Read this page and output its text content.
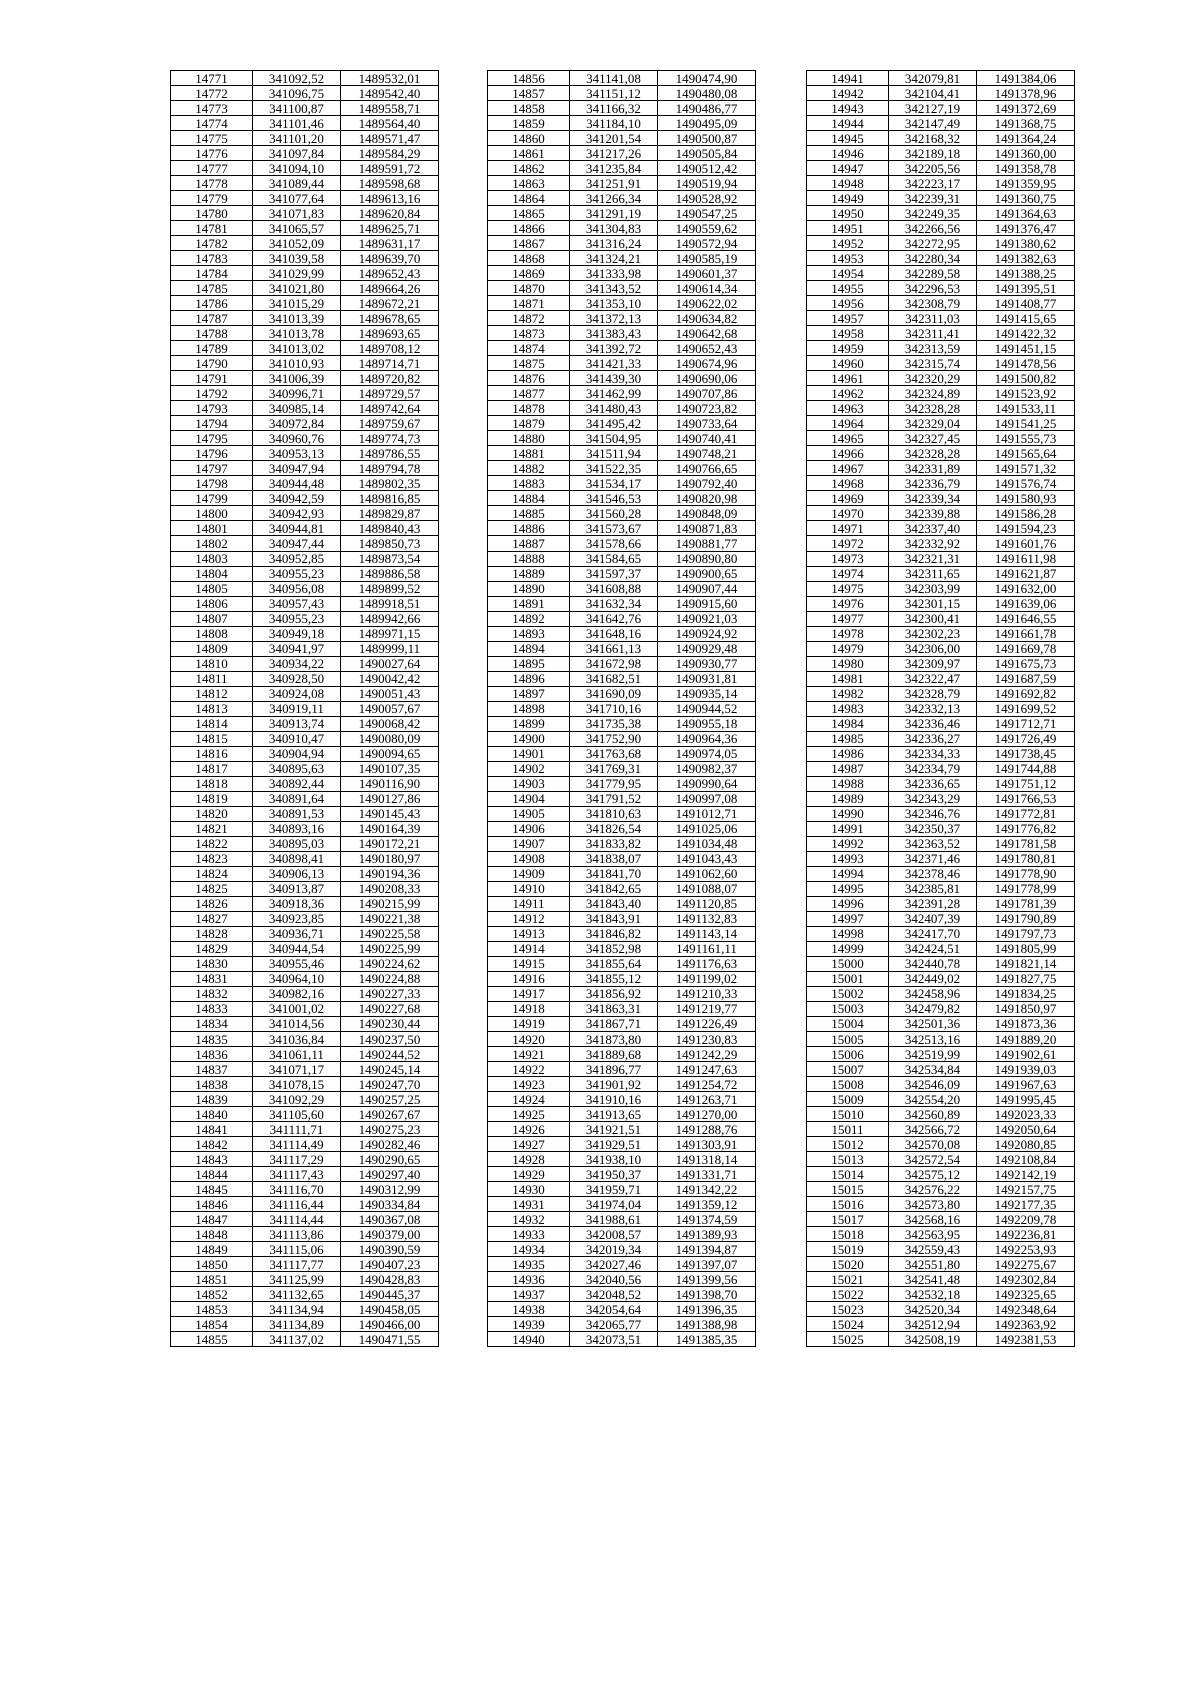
14771	341092,52	1489532,01
14772	341096,75	1489542,40
14773	341100,87	1489558,71
14774	341101,46	1489564,40
14775	341101,20	1489571,47
14776	341097,84	1489584,29
14777	341094,10	1489591,72
14778	341089,44	1489598,68
14779	341077,64	1489613,16
14780	341071,83	1489620,84
14781	341065,57	1489625,71
14782	341052,09	1489631,17
14783	341039,58	1489639,70
14784	341029,99	1489652,43
14785	341021,80	1489664,26
14786	341015,29	1489672,21
14787	341013,39	1489678,65
14788	341013,78	1489693,65
14789	341013,02	1489708,12
14790	341010,93	1489714,71
14791	341006,39	1489720,82
14792	340996,71	1489729,57
14793	340985,14	1489742,64
14794	340972,84	1489759,67
14795	340960,76	1489774,73
14796	340953,13	1489786,55
14797	340947,94	1489794,78
14798	340944,48	1489802,35
14799	340942,59	1489816,85
14800	340942,93	1489829,87
14801	340944,81	1489840,43
14802	340947,44	1489850,73
14803	340952,85	1489873,54
14804	340955,23	1489886,58
14805	340956,08	1489899,52
14806	340957,43	1489918,51
14807	340955,23	1489942,66
14808	340949,18	1489971,15
14809	340941,97	1489999,11
14810	340934,22	1490027,64
14811	340928,50	1490042,42
14812	340924,08	1490051,43
14813	340919,11	1490057,67
14814	340913,74	1490068,42
14815	340910,47	1490080,09
14816	340904,94	1490094,65
14817	340895,63	1490107,35
14818	340892,44	1490116,90
14819	340891,64	1490127,86
14820	340891,53	1490145,43
14821	340893,16	1490164,39
14822	340895,03	1490172,21
14823	340898,41	1490180,97
14824	340906,13	1490194,36
14825	340913,87	1490208,33
14826	340918,36	1490215,99
14827	340923,85	1490221,38
14828	340936,71	1490225,58
14829	340944,54	1490225,99
14830	340955,46	1490224,62
14831	340964,10	1490224,88
14832	340982,16	1490227,33
14833	341001,02	1490227,68
14834	341014,56	1490230,44
14835	341036,84	1490237,50
14836	341061,11	1490244,52
14837	341071,17	1490245,14
14838	341078,15	1490247,70
14839	341092,29	1490257,25
14840	341105,60	1490267,67
14841	341111,71	1490275,23
14842	341114,49	1490282,46
14843	341117,29	1490290,65
14844	341117,43	1490297,40
14845	341116,70	1490312,99
14846	341116,44	1490334,84
14847	341114,44	1490367,08
14848	341113,86	1490379,00
14849	341115,06	1490390,59
14850	341117,77	1490407,23
14851	341125,99	1490428,83
14852	341132,65	1490445,37
14853	341134,94	1490458,05
14854	341134,89	1490466,00
14855	341137,02	1490471,55
14856	341141,08	1490474,90
14857	341151,12	1490480,08
14858	341166,32	1490486,77
14859	341184,10	1490495,09
14860	341201,54	1490500,87
14861	341217,26	1490505,84
14862	341235,84	1490512,42
14863	341251,91	1490519,94
14864	341266,34	1490528,92
14865	341291,19	1490547,25
14866	341304,83	1490559,62
14867	341316,24	1490572,94
14868	341324,21	1490585,19
14869	341333,98	1490601,37
14870	341343,52	1490614,34
14871	341353,10	1490622,02
14872	341372,13	1490634,82
14873	341383,43	1490642,68
14874	341392,72	1490652,43
14875	341421,33	1490674,96
14876	341439,30	1490690,06
14877	341462,99	1490707,86
14878	341480,43	1490723,82
14879	341495,42	1490733,64
14880	341504,95	1490740,41
14881	341511,94	1490748,21
14882	341522,35	1490766,65
14883	341534,17	1490792,40
14884	341546,53	1490820,98
14885	341560,28	1490848,09
14886	341573,67	1490871,83
14887	341578,66	1490881,77
14888	341584,65	1490890,80
14889	341597,37	1490900,65
14890	341608,88	1490907,44
14891	341632,34	1490915,60
14892	341642,76	1490921,03
14893	341648,16	1490924,92
14894	341661,13	1490929,48
14895	341672,98	1490930,77
14896	341682,51	1490931,81
14897	341690,09	1490935,14
14898	341710,16	1490944,52
14899	341735,38	1490955,18
14900	341752,90	1490964,36
14901	341763,68	1490974,05
14902	341769,31	1490982,37
14903	341779,95	1490990,64
14904	341791,52	1490997,08
14905	341810,63	1491012,71
14906	341826,54	1491025,06
14907	341833,82	1491034,48
14908	341838,07	1491043,43
14909	341841,70	1491062,60
14910	341842,65	1491088,07
14911	341843,40	1491120,85
14912	341843,91	1491132,83
14913	341846,82	1491143,14
14914	341852,98	1491161,11
14915	341855,64	1491176,63
14916	341855,12	1491199,02
14917	341856,92	1491210,33
14918	341863,31	1491219,77
14919	341867,71	1491226,49
14920	341873,80	1491230,83
14921	341889,68	1491242,29
14922	341896,77	1491247,63
14923	341901,92	1491254,72
14924	341910,16	1491263,71
14925	341913,65	1491270,00
14926	341921,51	1491288,76
14927	341929,51	1491303,91
14928	341938,10	1491318,14
14929	341950,37	1491331,71
14930	341959,71	1491342,22
14931	341974,04	1491359,12
14932	341988,61	1491374,59
14933	342008,57	1491389,93
14934	342019,34	1491394,87
14935	342027,46	1491397,07
14936	342040,56	1491399,56
14937	342048,52	1491398,70
14938	342054,64	1491396,35
14939	342065,77	1491388,98
14940	342073,51	1491385,35
14941	342079,81	1491384,06
14942	342104,41	1491378,96
14943	342127,19	1491372,69
14944	342147,49	1491368,75
14945	342168,32	1491364,24
14946	342189,18	1491360,00
14947	342205,56	1491358,78
14948	342223,17	1491359,95
14949	342239,31	1491360,75
14950	342249,35	1491364,63
14951	342266,56	1491376,47
14952	342272,95	1491380,62
14953	342280,34	1491382,63
14954	342289,58	1491388,25
14955	342296,53	1491395,51
14956	342308,79	1491408,77
14957	342311,03	1491415,65
14958	342311,41	1491422,32
14959	342313,59	1491451,15
14960	342315,74	1491478,56
14961	342320,29	1491500,82
14962	342324,89	1491523,92
14963	342328,28	1491533,11
14964	342329,04	1491541,25
14965	342327,45	1491555,73
14966	342328,28	1491565,64
14967	342331,89	1491571,32
14968	342336,79	1491576,74
14969	342339,34	1491580,93
14970	342339,88	1491586,28
14971	342337,40	1491594,23
14972	342332,92	1491601,76
14973	342321,31	1491611,98
14974	342311,65	1491621,87
14975	342303,99	1491632,00
14976	342301,15	1491639,06
14977	342300,41	1491646,55
14978	342302,23	1491661,78
14979	342306,00	1491669,78
14980	342309,97	1491675,73
14981	342322,47	1491687,59
14982	342328,79	1491692,82
14983	342332,13	1491699,52
14984	342336,46	1491712,71
14985	342336,27	1491726,49
14986	342334,33	1491738,45
14987	342334,79	1491744,88
14988	342336,65	1491751,12
14989	342343,29	1491766,53
14990	342346,76	1491772,81
14991	342350,37	1491776,82
14992	342363,52	1491781,58
14993	342371,46	1491780,81
14994	342378,46	1491778,90
14995	342385,81	1491778,99
14996	342391,28	1491781,39
14997	342407,39	1491790,89
14998	342417,70	1491797,73
14999	342424,51	1491805,99
15000	342440,78	1491821,14
15001	342449,02	1491827,75
15002	342458,96	1491834,25
15003	342479,82	1491850,97
15004	342501,36	1491873,36
15005	342513,16	1491889,20
15006	342519,99	1491902,61
15007	342534,84	1491939,03
15008	342546,09	1491967,63
15009	342554,20	1491995,45
15010	342560,89	1492023,33
15011	342566,72	1492050,64
15012	342570,08	1492080,85
15013	342572,54	1492108,84
15014	342575,12	1492142,19
15015	342576,22	1492157,75
15016	342573,80	1492177,35
15017	342568,16	1492209,78
15018	342563,95	1492236,81
15019	342559,43	1492253,93
15020	342551,80	1492275,67
15021	342541,48	1492302,84
15022	342532,18	1492325,65
15023	342520,34	1492348,64
15024	342512,94	1492363,92
15025	342508,19	1492381,53
